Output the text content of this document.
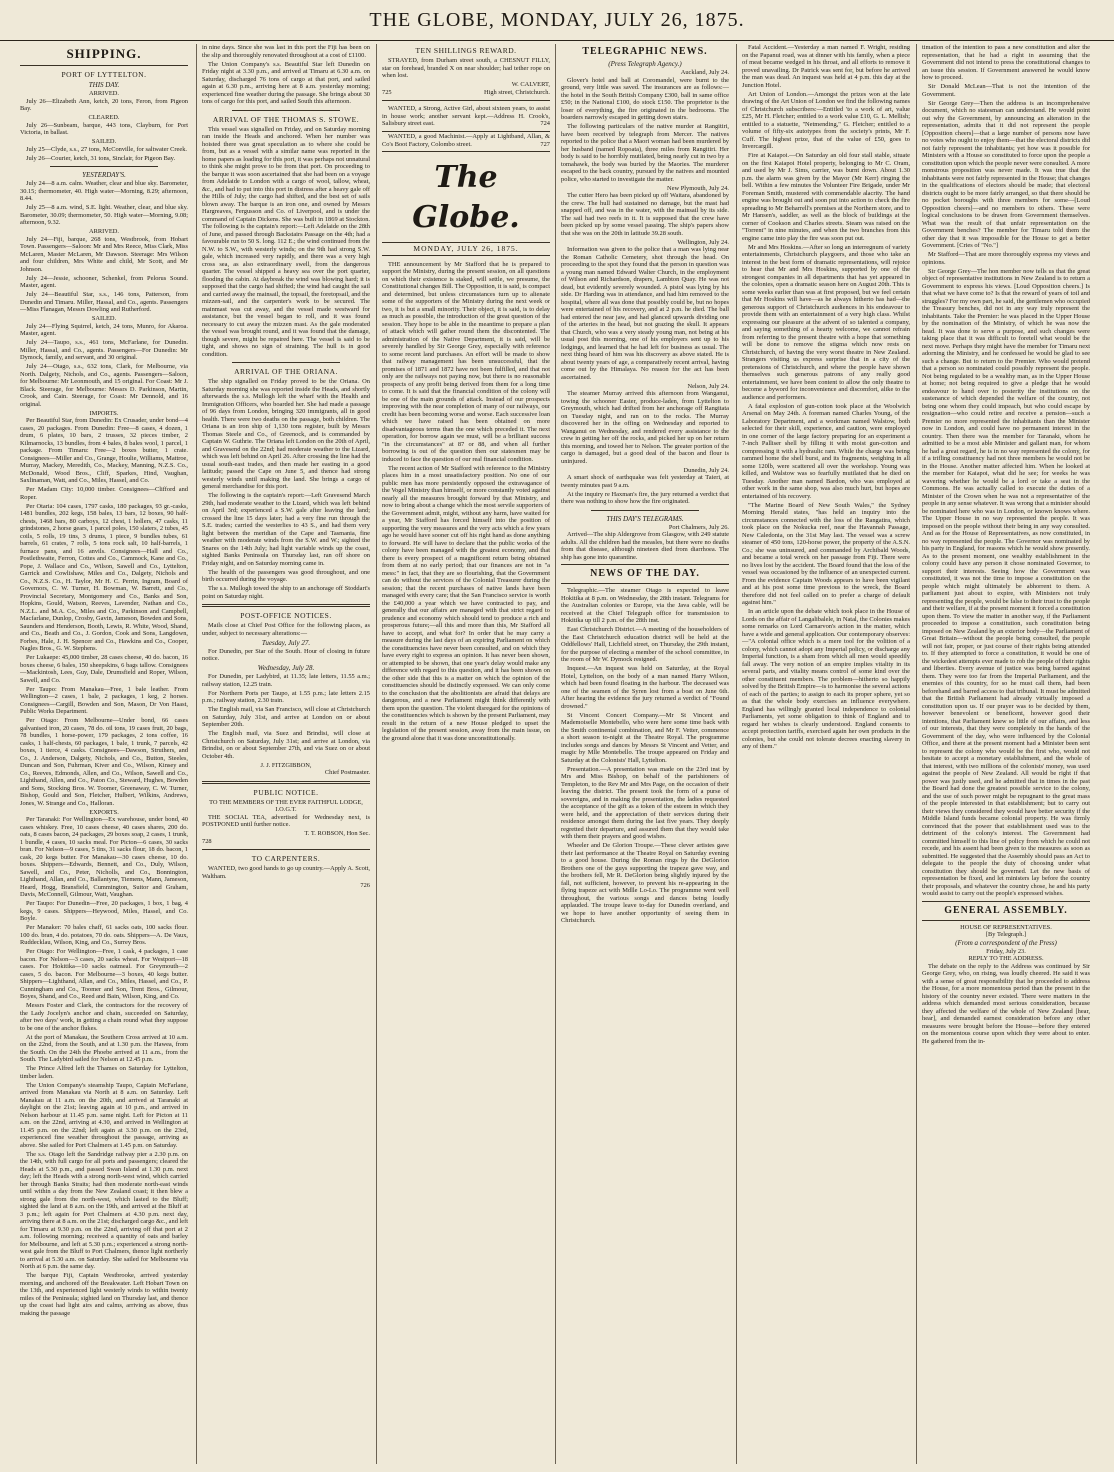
THE GLOBE, MONDAY, JULY 26, 1875.
SHIPPING.
PORT OF LYTTELTON.
THIS DAY.
ARRIVED.

July 26—Elizabeth Ann, ketch, 20 tons, Feron, from Pigeon Bay.

CLEARED.

July 26—Sunbeam, barque, 443 tons, Clayburn, for Port Victoria, in ballast.

SAILED.

July 25—Clyde, s.s., 27 tons, McConville, for saltwater Creek.

July 26—Courier, ketch, 31 tons, Sinclair, for Pigeon Bay.

YESTERDAY'S.

July 24—8 a.m. calm. Weather, clear and blue sky. Barometer, 30.15; thermometer, 40. High water—Morning, 8.29; afternoon, 8.44.

July 25—8 a.m. wind, S.E. light. Weather, clear, and blue sky. Barometer, 30.09; thermometer, 50. High water—Morning, 9.08; afternoon, 9.32.

ARRIVED.

July 24—Fiji, barque, 268 tons, Westbrook, from Hobart Town. Passengers—Saloon: Mr and Mrs Reece, Miss Clark, Miss McLaren, Master McLaren, Mr Dawson. Steerage: Mrs Wilson and four children, Mrs White and child, Mr Scott, and Mr Johnson.

July 24—Jessie, schooner, Schenkel, from Pelorus Sound. Master, agent.

July 24—Beautiful Star, s.s., 146 tons, Patterson, from Dunedin and Timaru. Miller, Hassal, and Co., agents. Passengers—Miss Flanagan, Messrs Dowling and Rutherford.

SAILED.

July 24—Flying Squirrel, ketch, 24 tons, Munro, for Akaroa. Master, agent.

July 24—Taupo, s.s., 461 tons, McFarlane, for Dunedin. Miller, Hassal, and Co., agents. Passengers—For Dunedin: Mr Dymock, family, and servant, and 30 original.

July 24—Otago, s.s., 632 tons, Clark, for Melbourne, via North. Dalgety, Nichols, and Co., agents. Passengers—Saloon, for Melbourne: Mr Leonmouth, and 15 original. For Coast: Mr J. Black. Steerage, for Melbourne: Messrs D. Parkinson, Martin, Crook, and Cain. Steerage, for Coast: Mr Dennold, and 16 original.

IMPORTS.

Per Beautiful Star, from Dunedin: Ex Crusader, under bond—4 cases, 20 packages. From Dunedin: Free—8 cases, 4 dozen, 1 drum, 6 plates, 10 bars, 2 trusses, 32 pieces timber, 2 Kilmarnocks, 13 bundles, from 4 bales, 8 bales wool, 1 parcel, 1 package. From Timaru: Free—2 boxes butter, 1 crate. Consignees—Miller and Co., Grange, Houlie, Williams, Mattroe, Murray, Mackey, Meredith, Co., Mackey, Manning, N.Z.S. Co., McDonald, Wood Bros., Cliff, Sparkes, Hind, Vaughan, Saxlinaman, Watt, and Co., Miles, Hassel, and Co.

Per Madam City: 10,000 timber. Consignees—Clifford and Roper.

Per Otaria: 104 cases, 1797 casks, 180 packages, 93 gr.-casks, 1481 bundles, 202 kegs, 158 bales, 13 bars, 12 boxes, 90 half-chests, 1468 bars, 80 carboys, 12 chest, 1 hollers, 47 casks, 11 grindstones, 2 horse gears, 1 parcel poles, 150 slaters, 2 tubes, 45 coils, 5 rolls, 19 tins, 3 drums, 1 piece, 9 bundles tubes, 61 barrels, 61 crates, 7 rolls, 5 tons rock salt, 10 half-barrels, 1 furnace pans, and 16 anvils. Consignees—Hall and Co., Postlethwaite, Ferron, Cottes and Co., Cammock, Kane and Co., Pope, J. Wallace and Co., Wilson, Sawell and Co., Lyttelton, Garrick and Cowlishaw, Miles and Co., Dalgety, Nichols and Co., N.Z.S. Co., H. Taylor, Mr H. C. Perrin, Ingram, Board of Governors, C. W. Turner, H. Bowman, W. Barrett, and Co., Provincial Secretary, Montgomery and Co., Banks and Son, Hopkins, Gould, Watson, Reeves, Lavender, Nathan and Co., N.Z.L. and M.A. Co., Miles and Co., Parkinson and Campbell, Macfarlane, Dunlop, Crosby, Gavin, Jameson, Bowden and Sons, Saunders and Henderson, Booth, Lewis, R. White, Wood, Shand, and Co., Beath and Co., J. Gordon, Cook and Sons, Langdown, Forbes, Hale, J. H. Spencer and Co., Hawkins and Co., Cooper, Nagles Bros., G. W. Stephens.

Per Lukaepe: 45,000 timber, 28 cases cheese, 40 do. bacon, 16 boxes cheese, 6 bales, 150 sheepskins, 6 bags tallow. Consignees—Mackintosh, Lees, Guy, Dale, Drumsfield and Roper, Wilson, Sawell, and Co.

Per Taupo: From Manakau—Free, 1 bale leather. From Wellington—2 cases, 1 bale, 2 packages, 1 keg, 2 horses. Consignees—Cargill, Bowden and Son, Mason, Dr Von Haast, Public Works Department.

Per Otago: From Melbourne—Under bond, 66 cases galvanised iron, 20 cases, 78 do. oil tons, 19 cases fruit, 20 bags, 78 bundles, 1 horse-power, 179 packages, 2 tons coffee, 16 casks, 1 half-chests, 60 packages, 1 bale, 1 trunk, 7 parcels, 42 boxes, 1 tierce, 4 casks. Consignees—Dawson, Struthers, and Co., J. Anderson, Dalgety, Nichols, and Co., Button, Steeles, Duncan and Son, Fuhrman, Kiver and Co., Wilson, Kinsey and Co., Reeves, Edmonds, Allen, and Co., Wilson, Sawell and Co., Lighthand, Allen, and Co., Paton Co., Steward, Hughes, Bowden and Sons, Stocking Bros. W. Toomer, Greenaway, C. W. Turner, Bishop, Gould and Son, Fletcher, Hulbert, Wilkins, Andrews, Jones, W. Strange and Co., Halloran.

EXPORTS.

Per Taranaki: For Wellington—Ex warehouse, under bond, 40 cases whiskey. Free, 10 cases cheese, 40 cases shares, 200 do. oats, 8 cases bacon, 24 packages, 29 boxes soap, 2 cases, 1 trunk, 1 bundle, 4 cases, 10 sacks meal. For Picton—6 cases, 30 sacks bran. For Nelson—9 cases, 5 tins, 31 sacks flour, 18 do. bacon, 1 cask, 20 kegs butter. For Manakau—30 cases cheese, 10 do. boxes. Shippers—Edwards, Bennett, and Co., Duly, Wilson, Sawell, and Co., Peter, Nicholls, and Co., Bonnington, Lighthand, Allan, and Co., Ballantyne, Tiemens, Mann, Jameson, Heard, Hogg, Bransfield, Cummington, Suitor and Graham, Davis, McConnell, Gilmour, Watt, Vaughan.

Per Taupo: For Dunedin—Free, 20 packages, 1 box, 1 bag, 4 kegs, 9 cases. Shippers—Heywood, Miles, Hassel, and Co. Boyle.

Per Manaker: 70 bales chaff, 61 sacks oats, 100 sacks flour. 100 do. bran, 4 do. potatoes, 70 do. oats. Shippers—A. De Vaux, Ruddecklau, Wilson, King, and Co., Surrey Bros.

Per Otago: For Wellington—Free, 1 cask, 4 packages, 1 case bacon. For Nelson—3 cases, 20 sacks wheat. For Westport—18 cases. For Hokitika—10 sacks oatmeal. For Greymouth—2 cases, 5 do. bacon. For Melbourne—3 boxes, 40 kegs butter. Shippers—Lighthand, Allan, and Co., Miles, Hassel, and Co., P. Cunningham and Co., Toomer and Son, Trent Bros., Gilmour, Boyes, Shand, and Co., Reed and Bain, Wilson, King, and Co.

Messrs Foster and Clark, the contractors for the recovery of the Lady Jocelyn's anchor and chain, succeeded on Saturday, after two days' work, in getting a chain round what they suppose to be one of the anchor flukes.

At the port of Manakau, the Southern Cross arrived at 10 a.m. on the 22nd, from the South, and at 1.30 p.m. the Hawea, from the South. On the 24th the Phoebe arrived at 11 a.m., from the South. The Ladybird sailed for Nelson at 12.45 p.m.

The Prince Alfred left the Thames on Saturday for Lyttelton, timber laden.

The Union Company's steamship Taupo, Captain McFarlane, arrived from Manakau via North at 8 a.m. on Saturday. Left Manakau at 11 a.m. on the 20th, and arrived at Taranaki at daylight on the 21st; leaving again at 10 p.m., and arrived in Nelson harbour at 11.45 p.m. same night. Left for Picton at 11 a.m. on the 22nd, arriving at 4.30, and arrived in Wellington at 11.45 p.m. on the 22nd; left again at 3.30 p.m. on the 23rd, experienced fine weather throughout the passage, arriving as above. She sailed for Port Chalmers at 1.45 p.m. on Saturday.

The s.s. Otago left the Sandridge railway pier a 2.30 p.m. on the 14th, with full cargo for all ports and passengers; cleared the Heads at 5.30 p.m., and passed Swan Island at 1.30 p.m. next day; left the Heads with a strong north-west wind, which carried her through Banks Straits; had then moderate north-east winds until within a day from the New Zealand coast; it then blew a strong gale from the north-west, which lasted to the Bluff; sighted the land at 8 a.m. on the 19th, and arrived at the Bluff at 3 p.m.; left again for Port Chalmers at 4.30 p.m. next day, arriving there at 8 a.m. on the 21st; discharged cargo &c., and left for Timaru at 9.30 p.m. on the 22nd, arriving off that port at 2 a.m. following morning; received a quantity of oats and barley for Melbourne, and left at 5.30 p.m.; experienced a strong north-west gale from the Bluff to Port Chalmers, thence light northerly to arrival at 5.30 a.m. on Saturday. She sailed for Melbourne via North at 6 p.m. the same day.

The barque Fiji, Captain Westbrooke, arrived yesterday morning, and anchored off the Breakwater. Left Hobart Town on the 13th, and experienced light westerly winds to within twenty miles of the Peninsula; sighted land on Thursday last, and thence up the coast had light airs and calms, arriving as above, thus making the passage

in nine days. Since she was last in this port the Fiji has been on the slip and thoroughly renovated throughout at a cost of £1100.

The Union Company's s.s. Beautiful Star left Dunedin on Friday night at 3.30 p.m., and arrived at Timaru at 6.30 a.m. on Saturday, discharged 76 tons of cargo at that port, and sailed again at 6.30 p.m., arriving here at 8 a.m. yesterday morning; experienced fine weather during the passage. She brings about 30 tons of cargo for this port, and sailed South this afternoon.

ARRIVAL OF THE THOMAS S. STOWE.

This vessel was signalled on Friday, and on Saturday morning ran inside the Heads and anchored. When her number was hoisted there was great speculation as to where she could be from, but as a vessel with a similar name was reported in the home papers as loading for this port, it was perhaps not unnatural to think she might prove to be from that port. On proceeding to the barque it was soon ascertained that she had been on a voyage from Adelaide to London with a cargo of wool, tallow, wheat, &c., and had to put into this port in distress after a heavy gale off the Hills of July; the cargo had shifted, and the best set of sails blown away. The barque is an iron one, and owned by Messrs Hargreaves, Fergusson and Co. of Liverpool, and is under the command of Captain Dickens. She was built in 1869 at Stockton. The following is the captain's report:—Left Adelaide on the 28th of June, and passed through Backstairs Passage on the 4th; had a favourable run to 50 S. long. 112 E.; the wind continued from the N.W. to S.W., with westerly winds; on the 9th had strong S.W. gale, which increased very rapidly, and there was a very high cross sea, as also extraordinary swell, from the dangerous quarter. The vessel shipped a heavy sea over the port quarter, flooding the cabin. At daybreak the wind was blowing hard; it is supposed that the cargo had shifted; the wind had caught the sail and carried away the mainsail, the topsail, the foretopsail, and the mizzen-sail, and the carpenter's work to be secured. The mainmast was cut away, and the vessel made westward for assistance, but the vessel began to roll, and it was found necessary to cut away the mizzen mast. As the gale moderated the vessel was brought round, and it was found that the damage, though severe, might be repaired here. The vessel is said to be tight, and shows no sign of straining. The hull is in good condition.

ARRIVAL OF THE ORIANA.

The ship signalled on Friday proved to be the Oriana. On Saturday morning she was reported inside the Heads, and shortly afterwards the s.s. Mullogh left the wharf with the Health and Immigration Officers, who boarded her. She had made a passage of 96 days from London, bringing 320 immigrants, all in good health. There were two deaths on the passage, both children. The Oriana is an iron ship of 1,130 tons register, built by Messrs Thomas Steele and Co., of Greenock, and is commanded by Captain W. Guthrie. The Oriana left London on the 20th of April, and Gravesend on the 22nd; had moderate weather to the Lizard, which was left behind on April 26. After crossing the line had the usual south-east trades, and then made her easting in a good latitude; passed the Cape on June 5, and thence had strong westerly winds until making the land. She brings a cargo of general merchandise for this port.

The following is the captain's report:—Left Gravesend March 29th, had moderate weather to the Lizard, which was left behind on April 3rd; experienced a S.W. gale after leaving the land; crossed the line 15 days later; had a very fine run through the S.E. trades; carried the westerlies to 43 S., and had them very light between the meridian of the Cape and Tasmania, fine weather with moderate winds from the S.W. and W.; sighted the Snares on the 14th July; had light variable winds up the coast, sighted Banks Peninsula on Thursday last, ran off shore on Friday night, and on Saturday morning came in.

The health of the passengers was good throughout, and one birth occurred during the voyage.

The s.s. Mullogh towed the ship to an anchorage off Stoddart's point on Saturday night.

POST-OFFICE NOTICES.

Mails close at Chief Post Office for the following places, as under, subject to necessary alterations:—

Tuesday, July 27.

For Dunedin, per Star of the South. Hour of closing in future notice.

Wednesday, July 28.

For Dunedin, per Ladybird, at 11.35; late letters, 11.55 a.m.; railway station, 12.25 train.

For Northern Ports per Taupo, at 1.55 p.m.; late letters 2.15 p.m.; railway station, 2.30 train.

The English mail, via San Francisco, will close at Christchurch on Saturday, July 31st, and arrive at London on or about September 20th.

The English mail, via Suez and Brindisi, will close at Christchurch on Saturday, July 31st; and arrive at London, via Brindisi, on or about September 27th, and via Suez on or about October 4th.

J. J. FITZGIBBON,
Chief Postmaster.
PUBLIC NOTICE.
TO THE MEMBERS OF THE EVER FAITHFUL LODGE, I.O.G.T.

THE SOCIAL TEA, advertised for Wednesday next, is POSTPONED until further notice.

T. T. ROBSON, Hon Sec.
728
TO CARPENTERS.

WANTED, two good hands to go up country.—Apply A. Scott, Waltham.

726
TEN SHILLINGS REWARD.

STRAYED, from Durham street south, a CHESNUT FILLY, star on forehead, branded X on near shoulder; had tether rope on when lost.

W. CALVERT,
725	High street, Christchurch.

WANTED, a Strong, Active Girl, about sixteen years, to assist in house work; another servant kept.—Address H. Crook's, Salisbury street east.	724

WANTED, a good Machinist.—Apply at Lightband, Allan, & Co's Boot Factory, Colombo street.	727

The Globe.
MONDAY, JULY 26, 1875.

THE announcement by Mr Stafford that he is prepared to support the Ministry, during the present session, on all questions on which their existence is staked, will settle, we presume, the Constitutional changes Bill. The Opposition, it is said, is compact and determined, but unless circumstances turn up to alienate some of the supporters of the Ministry during the next week or two, it is but a small minority. Their object, it is said, is to delay as much as possible, the introduction of the great question of the session. They hope to be able in the meantime to prepare a plan of attack which will gather round them the discontented. The administration of the Native Department, it is said, will be severely handled by Sir George Grey, especially with reference to some recent land purchases. An effort will be made to show that railway management has been unsuccessful, that the promises of 1871 and 1872 have not been fulfilled, and that not only are the railways not paying now, but there is no reasonable prospects of any profit being derived from them for a long time to come. It is said that the financial condition of the colony will be one of the main grounds of attack. Instead of our prospects improving with the near completion of many of our railways, our credit has been becoming worse and worse. Each successive loan which we have raised has been obtained on more disadvantageous terms than the one which preceded it. The next operation, for borrow again we must, will be a brilliant success "in the circumstances" at 87 or 88, and when all further borrowing is out of the question then our statesmen may be induced to face the question of our real financial condition.

The recent action of Mr Stafford with reference to the Ministry places him in a most unsatisfactory position. No one of our public men has more persistently opposed the extravagance of the Vogel Ministry than himself, or more constantly voted against nearly all the measures brought forward by that Ministry, and now to bring about a change which the most servile supporters of the Government admit, might, without any harm, have waited for a year, Mr Stafford has forced himself into the position of supporting the very measures and the very acts which a few years ago he would have sooner cut off his right hand as done anything to forward. He will have to declare that the public works of the colony have been managed with the greatest economy, and that there is every prospect of a magnificent return being obtained from them at no early period; that our finances are not in "a mess:" in fact, that they are so flourishing, that the Government can do without the services of the Colonial Treasurer during the session; that the recent purchases of native lands have been managed with every care; that the San Francisco service is worth the £40,000 a year which we have contracted to pay, and generally that our affairs are managed with that strict regard to prudence and economy which should tend to produce a rich and prosperous future;—all this and more than this, Mr Stafford all have to accept, and what for? In order that he may carry a measure during the last days of an expiring Parliament on which the constituencies have never been consulted, and on which they have every right to express an opinion. It has never been shown, or attempted to be shown, that one year's delay would make any difference with regard to this question, and it has been shown on the other side that this is a matter on which the opinion of the constituencies should be distinctly expressed. We can only come to the conclusion that the abolitionists are afraid that delays are dangerous, and a new Parliament might think differently with them upon the question. The violent disregard for the opinions of the constituencies which is shown by the present Parliament, may result in the return of a new House pledged to upset the legislation of the present session, away from the main issue, on the ground alone that it was done unconstitutionally.

TELEGRAPHIC NEWS.
(Press Telegraph Agency.)
Auckland, July 24.

Glover's hotel and ball at Coromandel, were burnt to the ground, very little was saved. The insurances are as follows:—the hotel in the South British Company £300, ball in same office £50; in the National £100, do stock £150. The proprietor is the loser of everything, the fire originated in the bedrooms. The boarders narrowly escaped in getting down stairs.

The following particulars of the native murder at Rangitiri, have been received by telegraph from Mercer. The natives reported to the police that a Maori woman had been murdered by her husband (named Ropoata), three miles from Rangitiri. Her body is said to be horribly mutilated, being nearly cut in two by a tomahawk, the body was buried by the Maories. The murderer escaped to the back country, pursued by the natives and mounted police, who started to investigate the matter.

New Plymouth, July 24.

The cutter Hero has been picked up off Waitara, abandoned by the crew. The hull had sustained no damage, but the mast had snapped off, and was in the water, with the mainsail by its side. The sail had two reefs in it. It is supposed that the crew have been picked up by some vessel passing. The ship's papers show that she was on the 20th in latitude 39.28 south.

Wellington, July 24.

Information was given to the police that a man was lying near the Roman Catholic Cemetery, shot through the head. On proceeding to the spot they found that the person in question was a young man named Edward Walter Church, in the employment of Wilson and Richardson, drapers, Lambton Quay. He was not dead, but evidently severely wounded. A pistol was lying by his side. Dr Harding was in attendance, and had him removed to the hospital, where all was done that possibly could be, but no hopes were entertained of his recovery, and at 2 p.m. he died. The ball had entered the near jaw, and had glanced upwards dividing one of the arteries in the head, but not grazing the skull. It appears that Church, who was a very steady young man, not being at his usual post this morning, one of his employers sent up to his lodgings, and learned that he had left for business as usual. The next thing heard of him was his discovery as above stated. He is about twenty years of age, a comparatively recent arrival, having come out by the Himalaya. No reason for the act has been ascertained.

Nelson, July 24.

The steamer Murray arrived this afternoon from Wanganui, towing the schooner Easter, produce-laden, from Lyttelton to Greymouth, which had drifted from her anchorage off Rangitata on Tuesday night, and ran on to the rocks. The Murray discovered her in the offing on Wednesday and reported to Wanganui on Wednesday, and rendered every assistance to the crew in getting her off the rocks, and picked her up on her return this morning, and towed her to Nelson. The greater portion of the cargo is damaged, but a good deal of the bacon and flour is uninjured.

Dunedin, July 24.

A smart shock of earthquake was felt yesterday at Taieri, at twenty minutes past 9 a.m.

At the inquiry re Haxman's fire, the jury returned a verdict that there was nothing to show how the fire originated.

THIS DAY'S TELEGRAMS.
Port Chalmers, July 26.

Arrived—The ship Aldergrove from Glasgow, with 249 statute adults. All the children had the measles, but there were no deaths from that disease, although nineteen died from diarrhoea. The ship has gone into quarantine.

NEWS OF THE DAY.

Telegraphic.—The steamer Otago is expected to leave Hokitika at 8 p.m. on Wednesday, the 28th instant. Telegrams for the Australian colonies or Europe, via the Java cable, will be received at the Chief Telegraph office for transmission to Hokitika up till 2 p.m. of the 28th inst.

East Christchurch District.—A meeting of the householders of the East Christchurch education district will be held at the Oddfellows' Hall, Lichfield street, on Thursday, the 29th instant, for the purpose of electing a member of the school committee, in the room of Mr W. Dymock resigned.

Inquest.—An inquest was held on Saturday, at the Royal Hotel, Lyttelton, on the body of a man named Harry Wilson, which had been found floating in the harbour. The deceased was one of the seamen of the Syren lost from a boat on June 6th. After hearing the evidence the jury returned a verdict of "Found drowned."

St Vincent Concert Company.—Mr St Vincent and Mademoiselle Montebello, who were here some time back with the Smith continental combination, and Mr F. Vetter, commence a short season to-night at the Theatre Royal. The programme includes songs and dances by Messrs St Vincent and Vetter, and magic by Mlle Montebello. The troupe appeared on Friday and Saturday at the Colonists' Hall, Lyttelton.

Presentation.—A presentation was made on the 23rd inst by Mrs and Miss Bishop, on behalf of the parishioners of Templeton, to the Rev Mr and Mrs Page, on the occasion of their leaving the district. The present took the form of a purse of sovereigns, and in making the presentation, the ladies requested the acceptance of the gift as a token of the esteem in which they were held, and the appreciation of their services during their residence amongst them during the last five years. They deeply regretted their departure, and assured them that they would take with them their prayers and good wishes.

Wheeler and De Glorion Troupe.—These clever artistes gave their last performance at the Theatre Royal on Saturday evening to a good house. During the Roman rings by the DeGlorion Brothers one of the guys supporting the trapeze gave way, and the brothers fell, Mr R. DeGlorion being slightly injured by the fall, not sufficient, however, to prevent his re-appearing in the flying trapeze act with Mdlle Lo-Lo. The programme went well throughout, the various songs and dances being loudly applauded. The troupe leave to-day for Dunedin overland, and we hope to have another opportunity of seeing them in Christchurch.

Fatal Accident.—Yesterday a man named F. Wright, residing on the Papanui road, was at dinner with his family, when a piece of meat became wedged in his throat, and all efforts to remove it proved unavailing. Dr Patrick was sent for, but before he arrived the man was dead. An inquest was held at 4 p.m. this day at the Junction Hotel.

Art Union of London.—Amongst the prizes won at the late drawing of the Art Union of London we find the following names of Christchurch subscribers:—Entitled 'to a work of art, value £25, Mr H. Fletcher; entitled to a work value £10, G. L. Mellish; entitled to a statuette, "Netmending," G. Fletcher; entitled to a volume of fifty-six autotypes from the society's prints, Mr F. Cuff. The highest prize, that of the value of £50, goes to Invercargill.

Fire at Kaiapoi.—On Saturday an old four stall stable, situate on the first Kaiapoi Hotel property, belonging to Mr C. Oram, and used by Mr J. Sims, carrier, was burnt down. About 1.30 p.m. the alarm was given by the Mayor (Mr Kerr) ringing the bell. Within a few minutes the Volunteer Fire Brigade, under Mr Foreman Smith, mustered with commendable alacrity. The hand engine was brought out and soon put into action to check the fire spreading to Mr Beharrell's premises at the Northern store, and to Mr Hansen's, saddler, as well as the block of buildings at the corner of Cookson and Charles streets. Steam was raised on the "Torrent" in nine minutes, and when the two branches from this engine came into play the fire was soon put out.

Mr and Mrs Hoskins.—After so long an interregnum of variety entertainments, Christchurch playgoers, and those who take an interest in the best form of dramatic representations, will rejoice to hear that Mr and Mrs Hoskins, supported by one of the strongest companies in all departments that has yet appeared in the colonies, open a dramatic season here on August 20th. This is some weeks earlier than was at first proposed, but we feel certain that Mr Hoskins will have—as he always hitherto has had—the generous support of Christchurch audiences in his endeavour to provide them with an entertainment of a very high class. Whilst expressing our pleasure at the advent of so talented a company, and saying something of a hearty welcome, we cannot refrain from referring to the present theatre with a hope that something will be done to remove the stigma which now rests on Christchurch, of having the very worst theatre in New Zealand. Strangers visiting us express surprise that in a city of the pretensions of Christchurch, and where the people have shown themselves such generous patrons of any really good entertainment, we have been content to allow the only theatre to become a byword for inconvenience and discomfort, alike to the audience and performers.

A fatal explosion of gun-cotton took place at the Woolwich Arsenal on May 24th. A foreman named Charles Young, of the Laboratory Department, and a workman named Walstow, both selected for their skill, experience, and caution, were employed in one corner of the large factory preparing for an experiment a 7-inch Palliser shell by filling it with moist gun-cotton and compressing it with a hydraulic ram. While the charge was being rammed home the shell burst, and its fragments, weighing in all some 120lb, were scattered all over the workshop. Young was killed, and Walstow was so fearfully mutilated that he died on Tuesday. Another man named Bardon, who was employed at other work in the same shop, was also much hurt, but hopes are entertained of his recovery.

"The Marine Board of New South Wales," the Sydney Morning Herald states, "has held an inquiry into the circumstances connected with the loss of the Rangatira, which took place on the Nokucka reef, near the Havannah Passage, New Caledonia, on the 31st May last. The vessel was a screw steamer of 450 tons, 120-horse power, the property of the A.S.N. Co.; she was uninsured, and commanded by Archibald Woods, and became a total wreck on her passage from Fiji. There were no lives lost by the accident. The Board found that the loss of the vessel was occasioned by the influence of an unexpected current. From the evidence Captain Woods appears to have been vigilant and at his post some time previous to the wreck, the Board therefore did not feel called on to prefer a charge of default against him."

In an article upon the debate which took place in the House of Lords on the affair of Langalibalele, in Natal, the Colonies makes some remarks on Lord Carnarvon's action in the matter, which have a wide and general application. Our contemporary observes:—"A colonial office which is a mere tool for the volition of a colony, which cannot adopt any Imperial policy, or discharge any Imperial function, is a sham from which all men would speedily fall away. The very notion of an empire implies vitality in its several parts, and vitality means control of some kind over the other constituent members. The problem—hitherto so happily solved by the British Empire—is to harmonise the several actions of each of the parties; to assign to each its proper sphere, yet so as that the whole body exercises an influence everywhere. England has willingly granted local independence to colonial Parliaments, yet some obligation to think of England and to regard her wishes is clearly understood. England consents to accept protection tariffs, exercised again her own products in the colonies, but she could not tolerate decrees enacting slavery in any of them."

timation of the intention to pass a new constitution and alter the representation, that he had a right in assuming that the Government did not intend to press the constitutional changes to an issue this session. If Government answered he would know how to proceed.

Sir Donald McLean—That is not the intention of the Government.

Sir George Grey—Then the address is an incomprehensive document, which no statesman can understand. He would point out why the Government, by announcing an alteration in the representation, admits that it did not represent the people [Opposition cheers]—that a large number of persons now have no votes who ought to enjoy them—that the electoral districts did not fairly represent the inhabitants; yet how was it possible for Ministers with a House so constituted to force upon the people a constitution upon which the people never were consulted. A more monstrous proposition was never made. It was true that the inhabitants were not fairly represented in the House; that changes in the qualifications of electors should be made; that electoral districts ought to be more fairly arranged, so that there should be no pocket boroughs with three members for some—[Loud Opposition cheers]—and no members to others. These were logical conclusions to be drawn from Government themselves. What was the result of that unfair representation on the Government benches? The member for Timaru told them the other day that it was impossible for the House to get a better Government. [Cries of "No."]

Mr Stafford—That are more thoroughly express my views and opinions.

Sir George Grey—The hon member now tells us that the great object of representative institutions in New Zealand is to return a Government to express his views. [Loud Opposition cheers.] Is that what we have come to? Is that the reward of years of toil and struggles? For my own part, he said, the gentlemen who occupied the Treasury benches, did not in any way truly represent the inhabitants. Take the Premier: he was placed in the Upper House by the nomination of the Ministry, of which he was now the head. It was done to serve a purpose, and such changes were taking place that it was difficult to foretell what would be the next move. Perhaps they might have the member for Timaru next adorning the Ministry, and he confessed he would be glad to see such a change. But to return to the Premier. Who would pretend that a person so nominated could possibly represent the people. Not being regulated to be a wealthy man, as in the Upper House at home; not being required to give a pledge that he would endeavour to hand over to posterity the institutions on the sustenance of which depended the welfare of the country, not being one whom they could impeach, but who could escape by resignation—who could retire and receive a pension—such a Premier no more represented the inhabitants than the Minister now in London, and could have no permanent interest in the country. Then there was the member for Taranaki, whom he admitted to be a most able Minister and gallant man, for whom he had a great regard, he is in no way represented the colony, for if a trifling constituency had not three members he would not be in the House. Another matter affected him. When he looked at the member for Kaiapoi, what did he see; for weeks he was wavering whether he would be a lord or take a seat in the Commons. He was actually called to execute the duties of a Minister of the Crown when he was not a representative of the people in any sense whatever. It was wrong that a minister should be nominated here who was in London, or known knows where. The Upper House in no way represented the people. It was imposed on the people without their being in any way consulted. And as for the House of Representatives, as now constituted, in no way represented the people. The Governor was nominated by his party in England, for reasons which he would show presently. As to the present moment, one wealthy establishment in the colony could have any person it chose nominated Governor, to support their interests. Seeing how the Government was constituted, it was not the time to impose a constitution on the people which might ultimately be abhorrent to them. A parliament just about to expire, with Ministers not truly representing the people, would be false to their trust to the people and their welfare, if at the present moment it forced a constitution upon them. To view the matter in another way, if the Parliament proceeded to impose a constitution, such constitution being imposed on New Zealand by an exterior body—the Parliament of Great Britain—without the people being consulted, the people will not fair, proper, or just course of their rights being attended to. If they attempted to force a constitution, it would be one of the wickedest attempts ever made to rob the people of their rights and liberties. Every avenue of justice was being barred against them. They were too far from the Imperial Parliament, and the enemies of this country, for so he must call them, had been beforehand and barred access to that tribunal. It must be admitted that the British Parliament had already virtually imposed a constitution upon us. If our prayer was to be decided by them, however benevolent or beneficent, however good their intentions, that Parliament knew so little of our affairs, and less of our interests, that they were completely in the hands of the Government of the day, who were influenced by the Colonial Office, and there at the present moment had a Minister been sent to represent the colony who would be the first who, would not hesitate to accept a monetary establishment, and the whole of that interest, with two millions of the colonists' money, was used against the people of New Zealand. All would be right if that power was justly used, and he admitted that in times in the past the Board had done the greatest possible service to the colony, and the use of such power might be repugnant to the great mass of the people interested in that establishment; but to carry out their views they considered they would have better security if the Middle Island funds became colonial property. He was firmly convinced that the power that establishment used was to the detriment of the colony's interest. The Government had committed himself to this line of policy from which he could not recede, and his assent had been given to the measures as soon as submitted. He suggested that the Assembly should pass an Act to delegate to the people the duty of choosing under what constitution they should be governed. Let the new basis of representation be fixed, and let ministers lay before the country their proposals, and whatever the country chose, he and his party would assist to carry out the people's expressed wishes.

GENERAL ASSEMBLY.
HOUSE OF REPRESENTATIVES.
[By Telegraph.]
(From a correspondent of the Press)
Friday, July 23.
REPLY TO THE ADDRESS.

The debate on the reply to the Address was continued by Sir George Grey, who, on rising, was loudly cheered. He said it was with a sense of great responsibility that he proceeded to address the House, for a more momentous period than the present in the history of the country never existed. There were matters in the address which demanded most serious consideration, because they affected the welfare of the whole of New Zealand [hear, hear], and demanded earnest consideration before any other measures were brought before the House—before they entered on the momentous course upon which they were about to enter. He gathered from the in-
